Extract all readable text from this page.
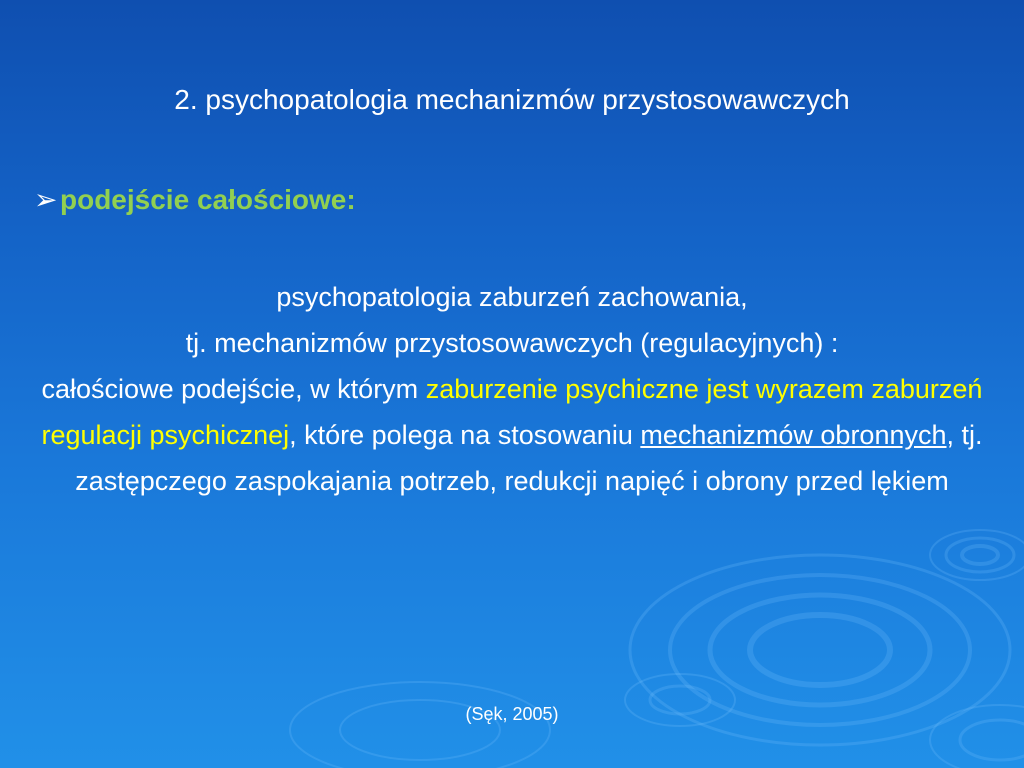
2. psychopatologia mechanizmów przystosowawczych
➢podejście całościowe:
psychopatologia zaburzeń zachowania,
tj. mechanizmów przystosowawczych (regulacyjnych) :
całościowe podejście, w którym zaburzenie psychiczne jest wyrazem zaburzeń regulacji psychicznej, które polega na stosowaniu mechanizmów obronnych, tj. zastępczego zaspokajania potrzeb, redukcji napięć i obrony przed lękiem
(Sęk, 2005)
